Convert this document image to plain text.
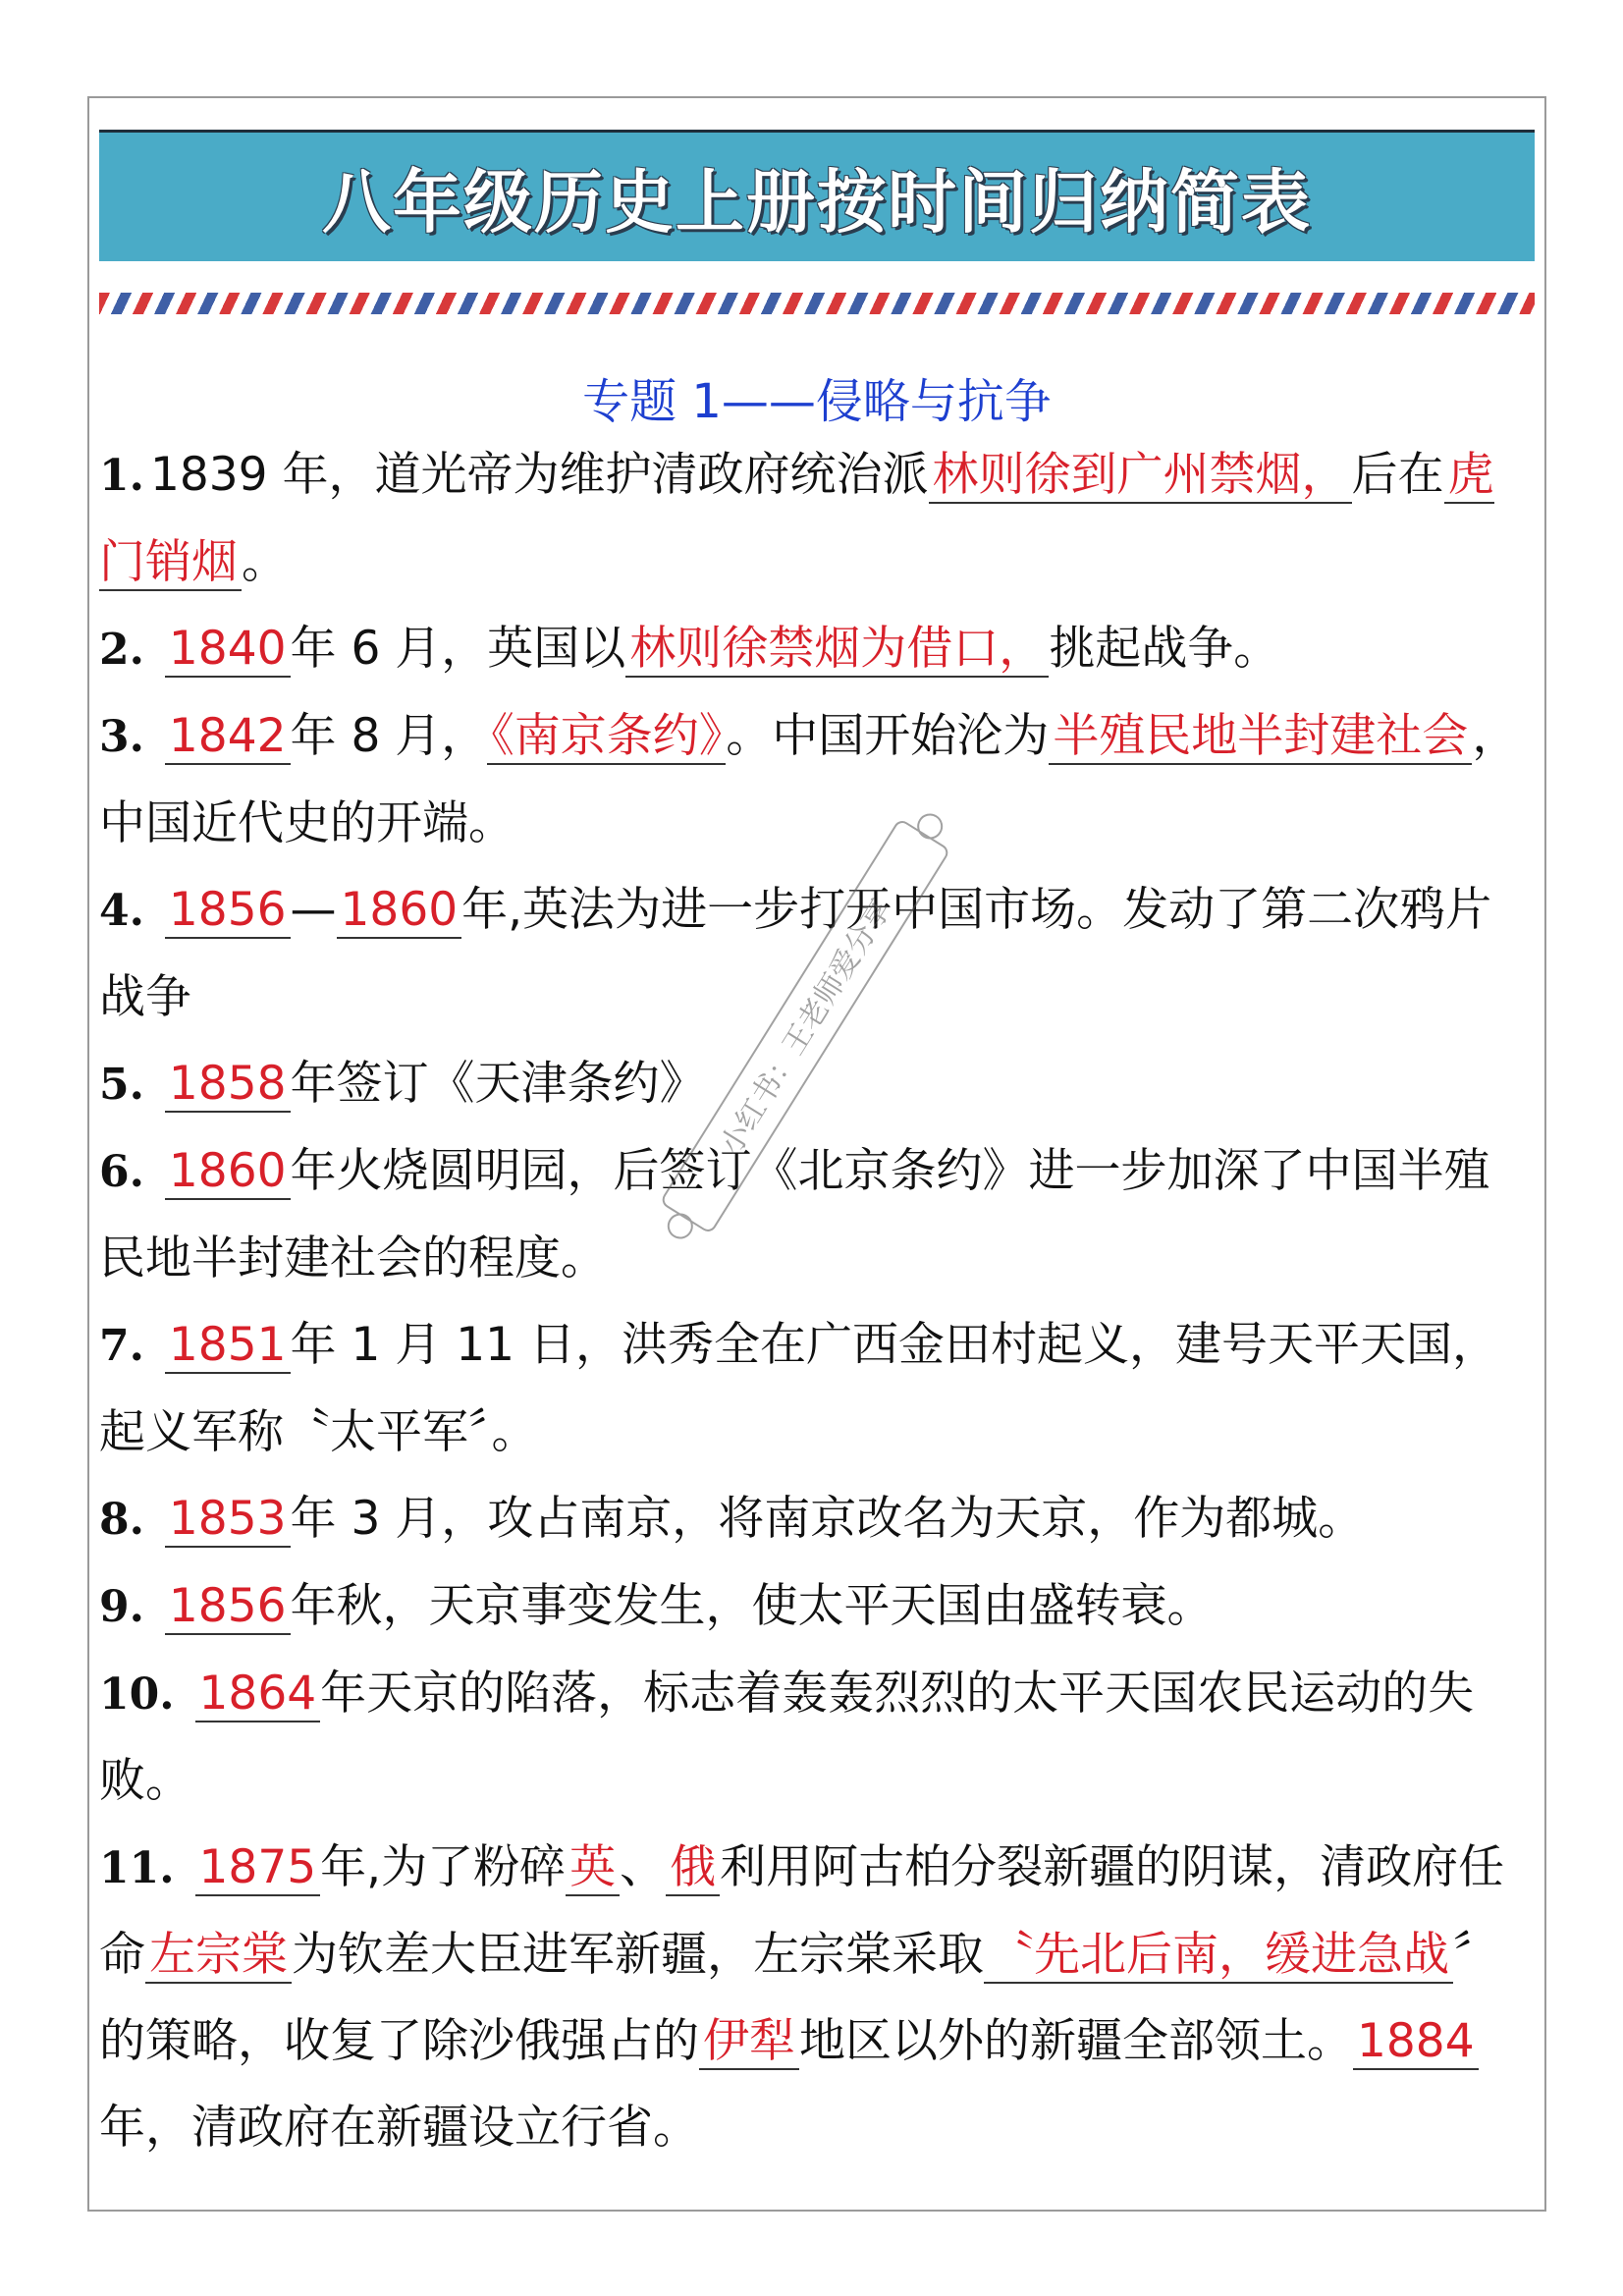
八年级历史上册按时间归纳简表
专题 1——侵略与抗争

1. 1839 年，道光帝为维护清政府统治派林则徐到广州禁烟，后在虎门销烟。

2. 1840年 6 月，英国以林则徐禁烟为借口，挑起战争。

3. 1842年 8 月，《南京条约》。中国开始沦为半殖民地半封建社会，中国近代史的开端。

4. 1856—1860年,英法为进一步打开中国市场。发动了第二次鸦片战争

5. 1858年签订《天津条约》

6. 1860年火烧圆明园，后签订《北京条约》进一步加深了中国半殖民地半封建社会的程度。

7. 1851年 1 月 11 日，洪秀全在广西金田村起义，建号天平天国，起义军称〝太平军〞。

8. 1853年 3 月，攻占南京，将南京改名为天京，作为都城。

9. 1856年秋，天京事变发生，使太平天国由盛转衰。

10. 1864年天京的陷落，标志着轰轰烈烈的太平天国农民运动的失败。

11. 1875年,为了粉碎英、俄利用阿古柏分裂新疆的阴谋，清政府任命左宗棠为钦差大臣进军新疆，左宗棠采取〝先北后南，缓进急战〞的策略，收复了除沙俄强占的伊犁地区以外的新疆全部领土。1884年，清政府在新疆设立行省。

小红书：王老师爱分享
